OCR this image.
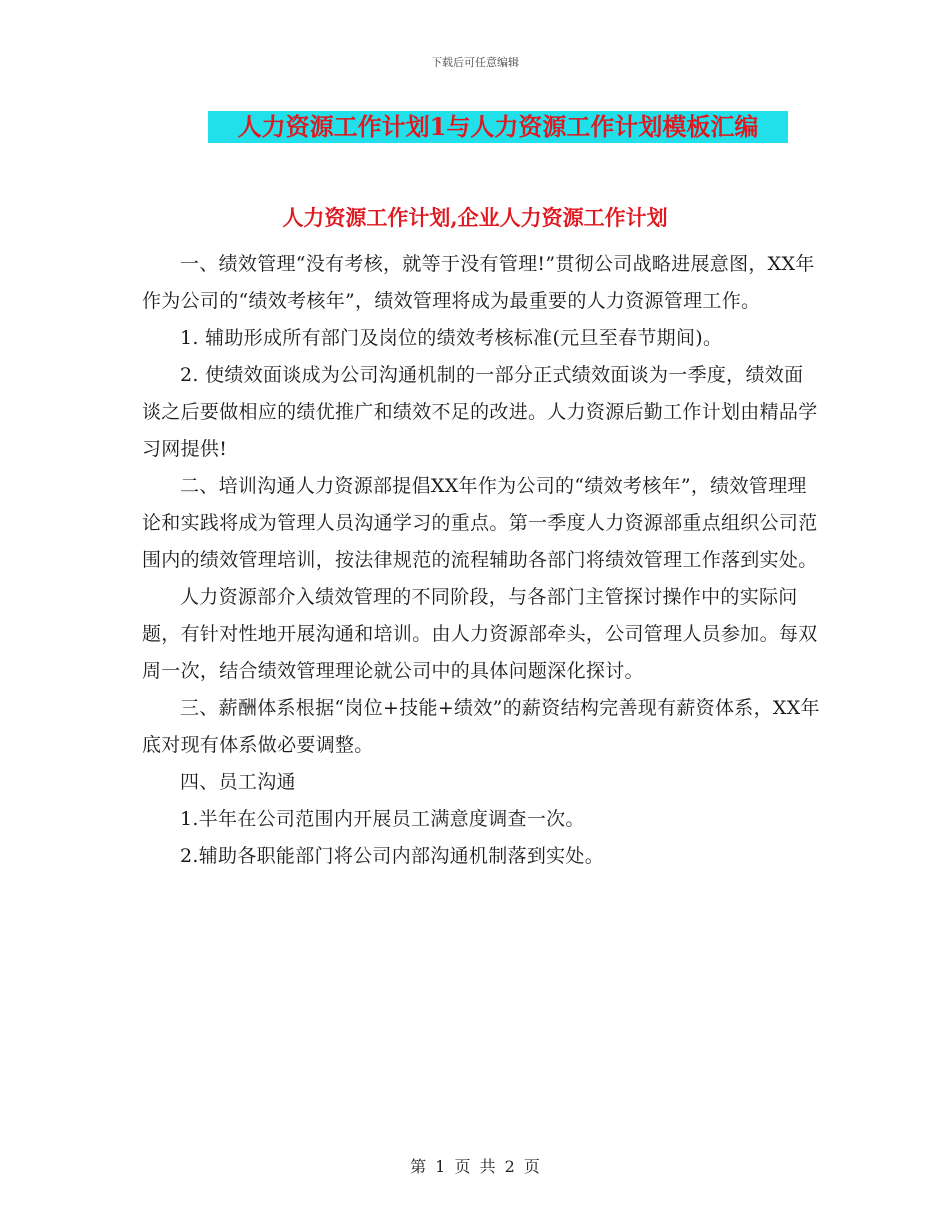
下载后可任意编辑
人力资源工作计划1与人力资源工作计划模板汇编
人力资源工作计划,企业人力资源工作计划

一、绩效管理“没有考核，就等于没有管理!”贯彻公司战略进展意图，XX年作为公司的“绩效考核年”，绩效管理将成为最重要的人力资源管理工作。

1. 辅助形成所有部门及岗位的绩效考核标准(元旦至春节期间)。

2. 使绩效面谈成为公司沟通机制的一部分正式绩效面谈为一季度，绩效面谈之后要做相应的绩优推广和绩效不足的改进。人力资源后勤工作计划由精品学习网提供!

二、培训沟通人力资源部提倡XX年作为公司的“绩效考核年”，绩效管理理论和实践将成为管理人员沟通学习的重点。第一季度人力资源部重点组织公司范围内的绩效管理培训，按法律规范的流程辅助各部门将绩效管理工作落到实处。

人力资源部介入绩效管理的不同阶段，与各部门主管探讨操作中的实际问题，有针对性地开展沟通和培训。由人力资源部牵头，公司管理人员参加。每双周一次，结合绩效管理理论就公司中的具体问题深化探讨。

三、薪酬体系根据“岗位+技能+绩效”的薪资结构完善现有薪资体系，XX年底对现有体系做必要调整。

四、员工沟通

1.半年在公司范围内开展员工满意度调查一次。

2.辅助各职能部门将公司内部沟通机制落到实处。

第 1 页 共 2 页
